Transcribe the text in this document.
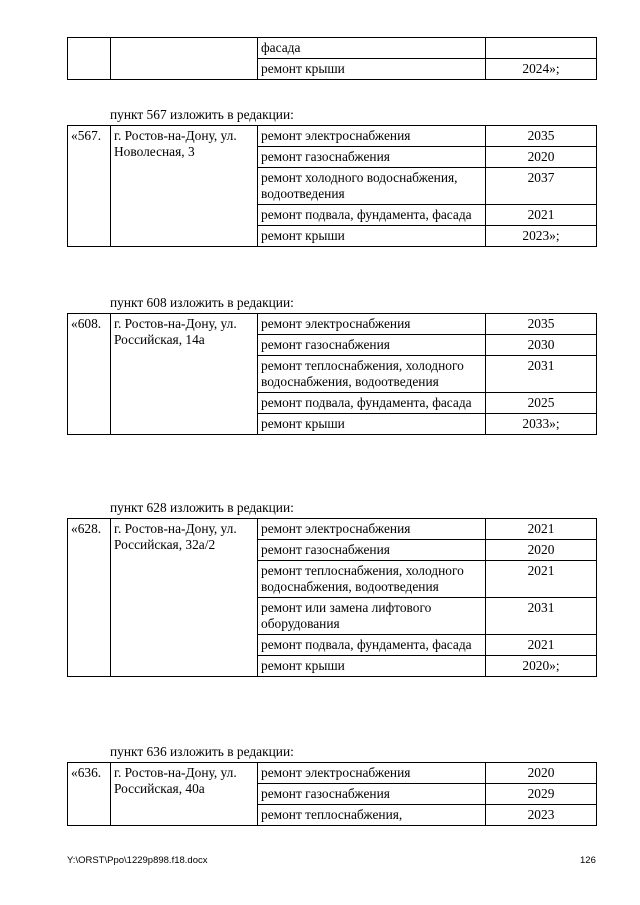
		фасада	
		ремонт крыши	2024»;
пункт 567 изложить в редакции:
«567.	г. Ростов-на-Дону, ул. Новолесная, 3	ремонт электроснабжения	2035
		ремонт газоснабжения	2020
		ремонт холодного водоснабжения, водоотведения	2037
		ремонт подвала, фундамента, фасада	2021
		ремонт крыши	2023»;
пункт 608 изложить в редакции:
«608.	г. Ростов-на-Дону, ул. Российская, 14а	ремонт электроснабжения	2035
		ремонт газоснабжения	2030
		ремонт теплоснабжения, холодного водоснабжения, водоотведения	2031
		ремонт подвала, фундамента, фасада	2025
		ремонт крыши	2033»;
пункт 628 изложить в редакции:
«628.	г. Ростов-на-Дону, ул. Российская, 32а/2	ремонт электроснабжения	2021
		ремонт газоснабжения	2020
		ремонт теплоснабжения, холодного водоснабжения, водоотведения	2021
		ремонт или замена лифтового оборудования	2031
		ремонт подвала, фундамента, фасада	2021
		ремонт крыши	2020»;
пункт 636 изложить в редакции:
«636.	г. Ростов-на-Дону, ул. Российская, 40а	ремонт электроснабжения	2020
		ремонт газоснабжения	2029
		ремонт теплоснабжения,	2023
Y:\ORST\Ppo\1229p898.f18.docx	126
